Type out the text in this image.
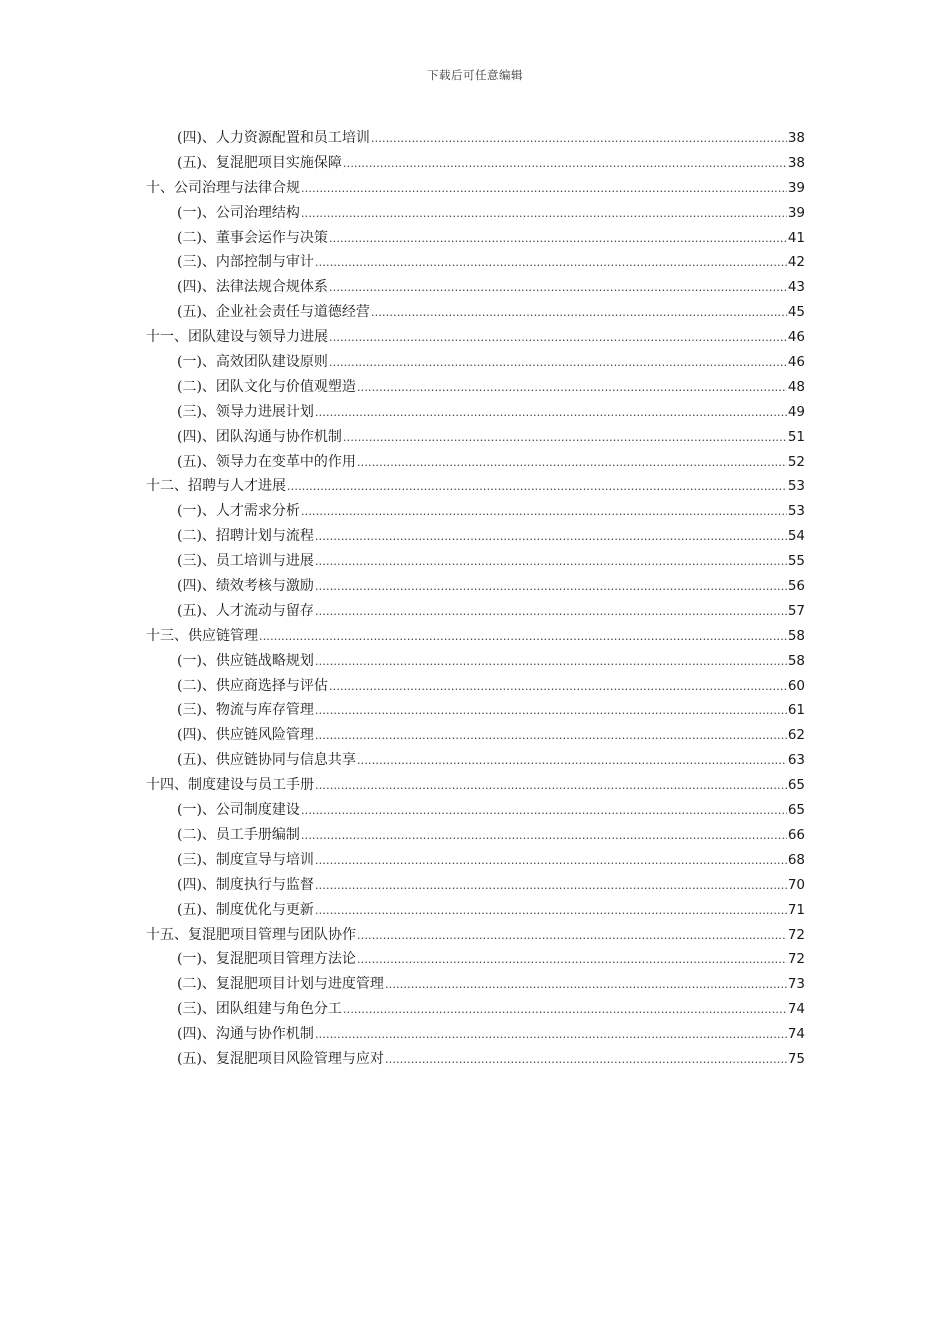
下载后可任意编辑
(四)、人力资源配置和员工培训 .....	38
(五)、复混肥项目实施保障 .....	38
十、公司治理与法律合规 .....	39
(一)、公司治理结构 .....	39
(二)、董事会运作与决策 .....	41
(三)、内部控制与审计 .....	42
(四)、法律法规合规体系 .....	43
(五)、企业社会责任与道德经营 .....	45
十一、团队建设与领导力进展 .....	46
(一)、高效团队建设原则 .....	46
(二)、团队文化与价值观塑造 .....	48
(三)、领导力进展计划 .....	49
(四)、团队沟通与协作机制 .....	51
(五)、领导力在变革中的作用 .....	52
十二、招聘与人才进展 .....	53
(一)、人才需求分析 .....	53
(二)、招聘计划与流程 .....	54
(三)、员工培训与进展 .....	55
(四)、绩效考核与激励 .....	56
(五)、人才流动与留存 .....	57
十三、供应链管理 .....	58
(一)、供应链战略规划 .....	58
(二)、供应商选择与评估 .....	60
(三)、物流与库存管理 .....	61
(四)、供应链风险管理 .....	62
(五)、供应链协同与信息共享 .....	63
十四、制度建设与员工手册 .....	65
(一)、公司制度建设 .....	65
(二)、员工手册编制 .....	66
(三)、制度宣导与培训 .....	68
(四)、制度执行与监督 .....	70
(五)、制度优化与更新 .....	71
十五、复混肥项目管理与团队协作 .....	72
(一)、复混肥项目管理方法论 .....	72
(二)、复混肥项目计划与进度管理 .....	73
(三)、团队组建与角色分工 .....	74
(四)、沟通与协作机制 .....	74
(五)、复混肥项目风险管理与应对 .....	75
